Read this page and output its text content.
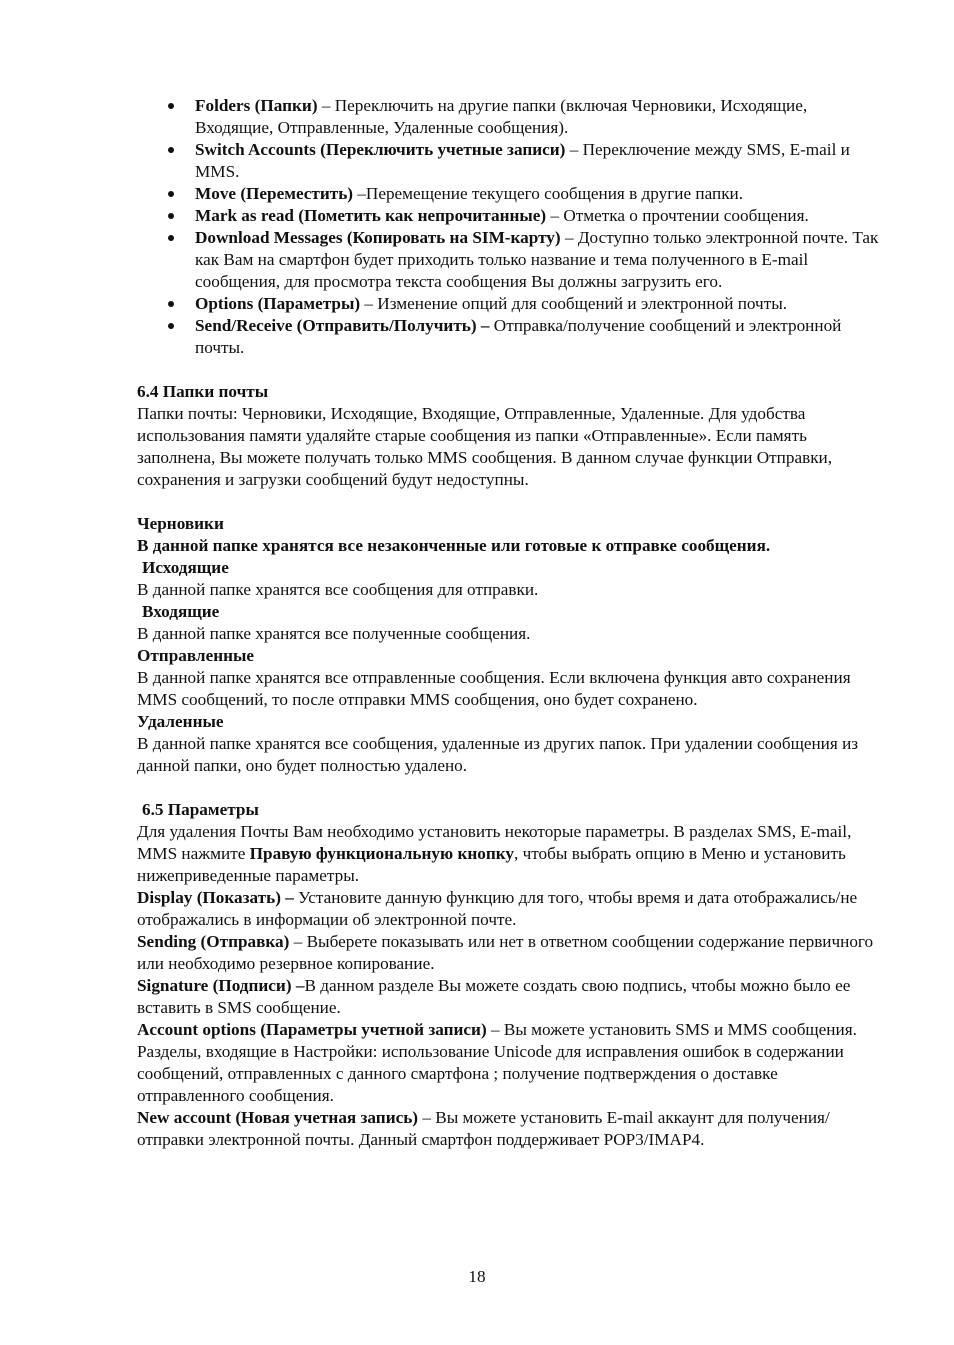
Folders (Папки) – Переключить на другие папки (включая Черновики, Исходящие, Входящие, Отправленные, Удаленные сообщения).
Switch Accounts (Переключить учетные записи) – Переключение между SMS, E-mail и MMS.
Move (Переместить) –Перемещение текущего сообщения в другие папки.
Mark as read (Пометить как непрочитанные) – Отметка о прочтении сообщения.
Download Messages (Копировать на SIM-карту) – Доступно только электронной почте. Так как Вам на смартфон будет приходить только название и тема полученного в E-mail сообщения, для просмотра текста сообщения Вы должны загрузить его.
Options (Параметры) – Изменение опций для сообщений и электронной почты.
Send/Receive (Отправить/Получить) – Отправка/получение сообщений и электронной почты.

6.4 Папки почты

Папки почты: Черновики, Исходящие, Входящие, Отправленные, Удаленные. Для удобства использования памяти удаляйте старые сообщения из папки «Отправленные». Если память заполнена, Вы можете получать только MMS сообщения. В данном случае функции Отправки, сохранения и загрузки сообщений будут недоступны.

Черновики

В данной папке хранятся все незаконченные или готовые к отправке сообщения.

Исходящие

В данной папке хранятся все сообщения для отправки.

Входящие

В данной папке хранятся все полученные сообщения.

Отправленные

В данной папке хранятся все отправленные сообщения. Если включена функция авто сохранения MMS сообщений, то после отправки MMS сообщения, оно будет сохранено.

Удаленные

В данной папке хранятся все сообщения, удаленные из других папок. При удалении сообщения из данной папки, оно будет полностью удалено.

6.5 Параметры

Для удаления Почты Вам необходимо установить некоторые параметры. В разделах SMS, E-mail, MMS нажмите Правую функциональную кнопку, чтобы выбрать опцию в Меню и установить нижеприведенные параметры.

Display (Показать) – Установите данную функцию для того, чтобы время и дата отображались/не отображались в информации об электронной почте.

Sending (Отправка) – Выберете показывать или нет в ответном сообщении содержание первичного или необходимо резервное копирование.

Signature (Подписи) –В данном разделе Вы можете создать свою подпись, чтобы можно было ее вставить в SMS сообщение.

Account options (Параметры учетной записи) – Вы можете установить SMS и MMS сообщения. Разделы, входящие в Настройки: использование Unicode для исправления ошибок в содержании сообщений, отправленных с данного смартфона ; получение подтверждения о доставке отправленного сообщения.

New account (Новая учетная запись) – Вы можете установить E-mail аккаунт для получения/отправки электронной почты. Данный смартфон поддерживает POP3/IMAP4.

18
